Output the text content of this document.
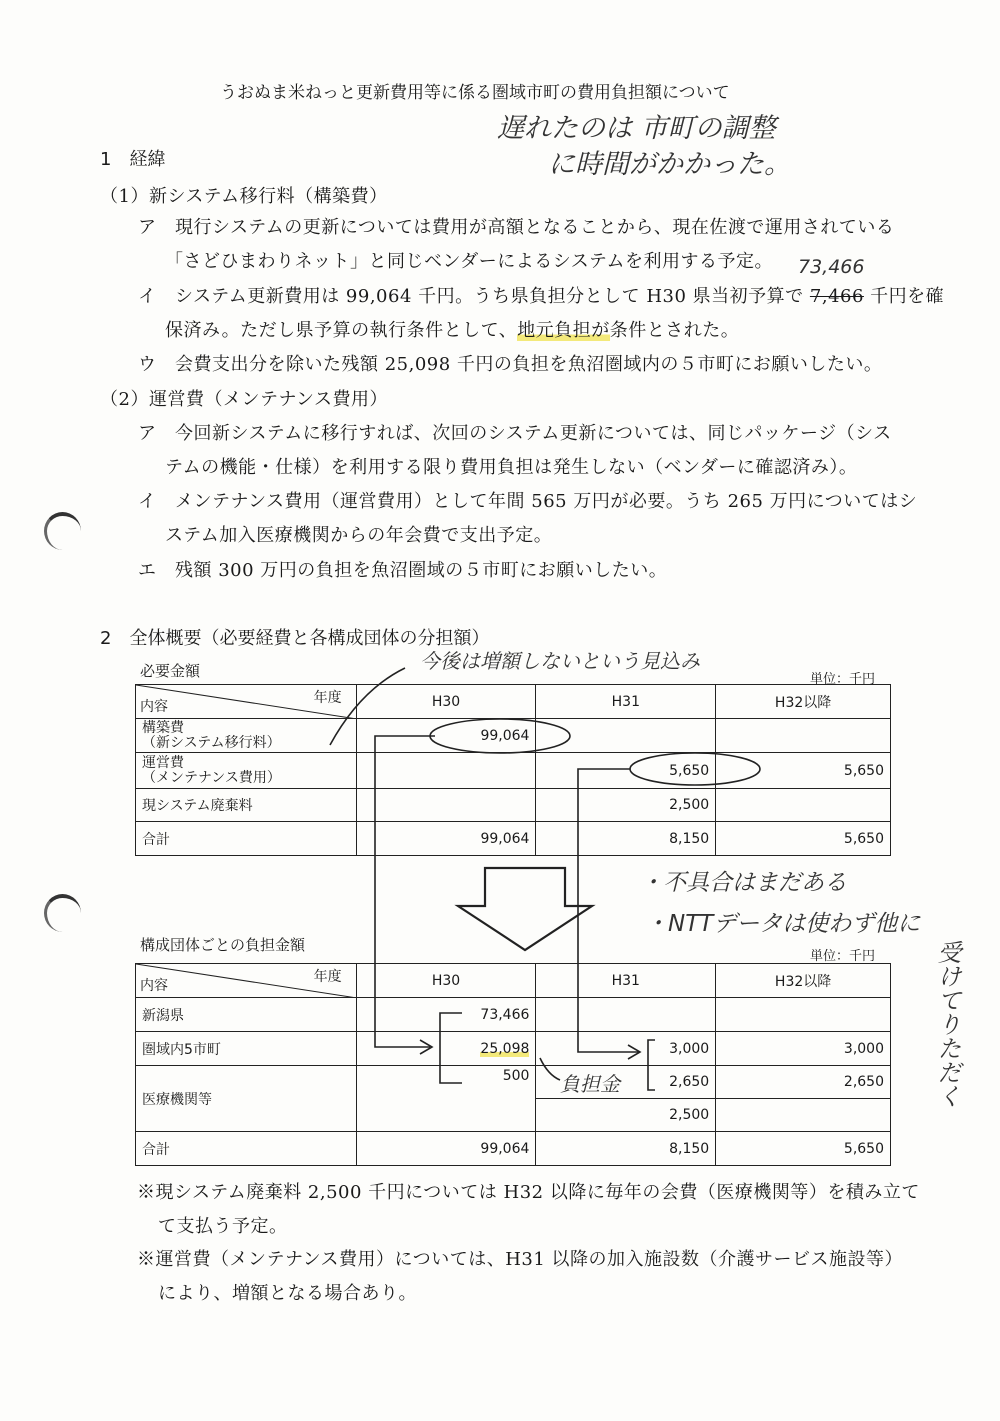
うおぬま米ねっと更新費用等に係る圏域市町の費用負担額について
遅れたのは 市町の調整
に時間がかかった。
1　経緯
（1）新システム移行料（構築費）
ア　現行システムの更新については費用が高額となることから、現在佐渡で運用されている
「さどひまわりネット」と同じベンダーによるシステムを利用する予定。 73,466
イ　システム更新費用は 99,064 千円。うち県負担分として H30 県当初予算で 7,466 千円を確
保済み。ただし県予算の執行条件として、地元負担が条件とされた。
ウ　会費支出分を除いた残額 25,098 千円の負担を魚沼圏域内の５市町にお願いしたい。
（2）運営費（メンテナンス費用）
ア　今回新システムに移行すれば、次回のシステム更新については、同じパッケージ（シス
テムの機能・仕様）を利用する限り費用負担は発生しない（ベンダーに確認済み）。
イ　メンテナンス費用（運営費用）として年間 565 万円が必要。うち 265 万円についてはシ
ステム加入医療機関からの年会費で支出予定。
エ　残額 300 万円の負担を魚沼圏域の５市町にお願いしたい。
2　全体概要（必要経費と各構成団体の分担額）
必要金額	今後は増額しないという見込み
単位：千円
年度
内容	H30	H31	H32以降

構築費
（新システム移行料）	99,064		

運営費
（メンテナンス費用）		5,650	5,650
現システム廃棄料		2,500	
合計	99,064	8,150	5,650
・不具合はまだある
・NTTデータは使わず他に
受けてりただく
構成団体ごとの負担金額
単位：千円
年度
内容	H30	H31	H32以降
新潟県	73,466		
圏域内5市町	25,098	3,000	3,000
医療機関等	500	2,650	2,650
		2,500	
合計	99,064	8,150	5,650
負担金
※現システム廃棄料 2,500 千円については H32 以降に毎年の会費（医療機関等）を積み立て
て支払う予定。
※運営費（メンテナンス費用）については、H31 以降の加入施設数（介護サービス施設等）
により、増額となる場合あり。
